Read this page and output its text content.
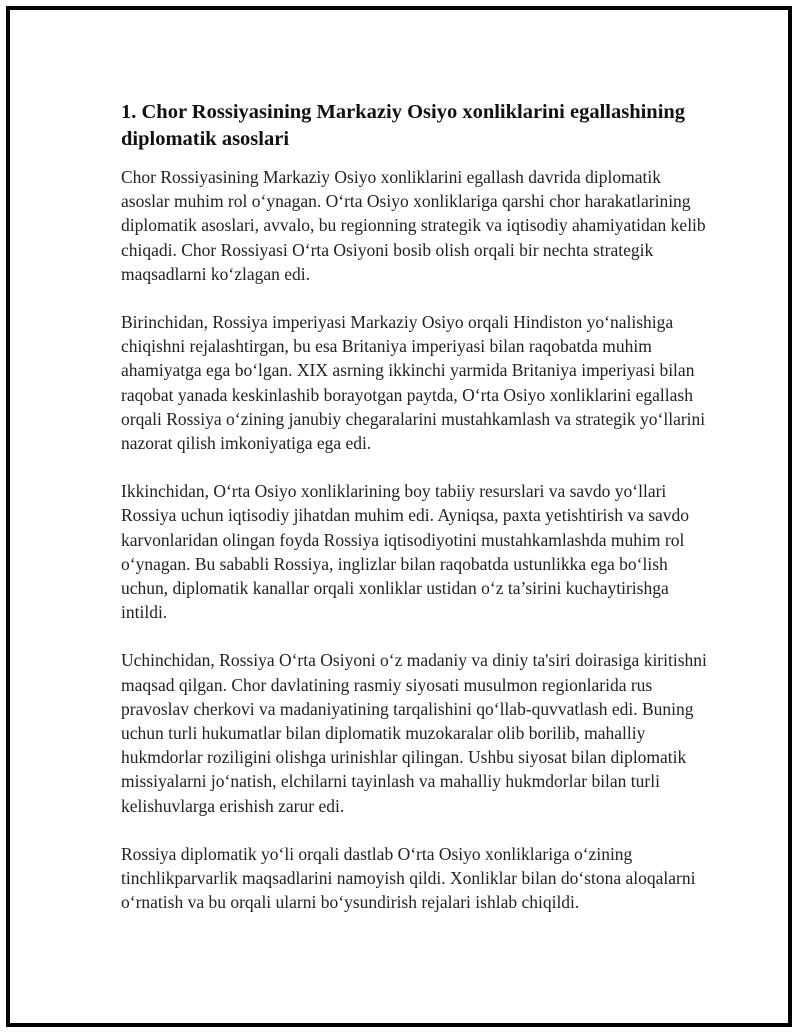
1. Chor Rossiyasining Markaziy Osiyo xonliklarini egallashining diplomatik asoslari

Chor Rossiyasining Markaziy Osiyo xonliklarini egallash davrida diplomatik asoslar muhim rol o‘ynagan. O‘rta Osiyo xonliklariga qarshi chor harakatlarining diplomatik asoslari, avvalo, bu regionning strategik va iqtisodiy ahamiyatidan kelib chiqadi. Chor Rossiyasi O‘rta Osiyoni bosib olish orqali bir nechta strategik maqsadlarni ko‘zlagan edi.

Birinchidan, Rossiya imperiyasi Markaziy Osiyo orqali Hindiston yo‘nalishiga chiqishni rejalashtirgan, bu esa Britaniya imperiyasi bilan raqobatda muhim ahamiyatga ega bo‘lgan. XIX asrning ikkinchi yarmida Britaniya imperiyasi bilan raqobat yanada keskinlashib borayotgan paytda, O‘rta Osiyo xonliklarini egallash orqali Rossiya o‘zining janubiy chegaralarini mustahkamlash va strategik yo‘llarini nazorat qilish imkoniyatiga ega edi.

Ikkinchidan, O‘rta Osiyo xonliklarining boy tabiiy resurslari va savdo yo‘llari Rossiya uchun iqtisodiy jihatdan muhim edi. Ayniqsa, paxta yetishtirish va savdo karvonlaridan olingan foyda Rossiya iqtisodiyotini mustahkamlashda muhim rol o‘ynagan. Bu sababli Rossiya, inglizlar bilan raqobatda ustunlikka ega bo‘lish uchun, diplomatik kanallar orqali xonliklar ustidan o‘z ta’sirini kuchaytirishga intildi.

Uchinchidan, Rossiya O‘rta Osiyoni o‘z madaniy va diniy ta'siri doirasiga kiritishni maqsad qilgan. Chor davlatining rasmiy siyosati musulmon regionlarida rus pravoslav cherkovi va madaniyatining tarqalishini qo‘llab-quvvatlash edi. Buning uchun turli hukumatlar bilan diplomatik muzokaralar olib borilib, mahalliy hukmdorlar roziligini olishga urinishlar qilingan. Ushbu siyosat bilan diplomatik missiyalarni jo‘natish, elchilarni tayinlash va mahalliy hukmdorlar bilan turli kelishuvlarga erishish zarur edi.

Rossiya diplomatik yo‘li orqali dastlab O‘rta Osiyo xonliklariga o‘zining tinchlikparvarlik maqsadlarini namoyish qildi. Xonliklar bilan do‘stona aloqalarni o‘rnatish va bu orqali ularni bo‘ysundirish rejalari ishlab chiqildi.
